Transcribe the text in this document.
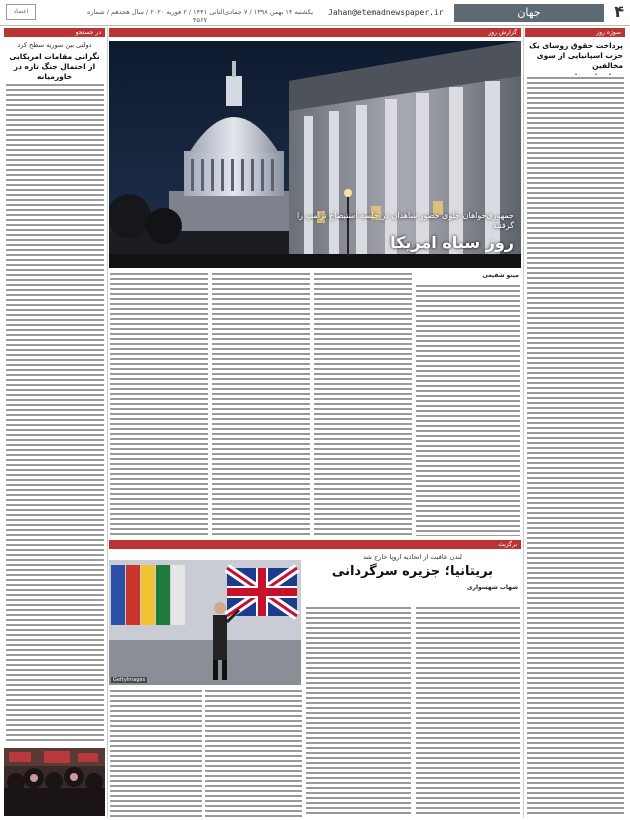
۴
جهان
Jahan@etemadnewspaper.ir
یکشنبه ۱۴ بهمن ۱۳۹۸ / ۷ جمادی‌الثانی ۱۴۴۱ / ۲ فوریه ۲۰۲۰ / سال هجدهم / شماره ۴۵۶۷
اعتماد
سوژه روز
پرداخت حقوق روسای یک حزب اسپانیایی از سوی مخالفین
گزارش روز
روز سیاه امریکا
جمهوری‌خواهان جلوی حضور شاهدان در جلسه استیضاح ترامپ را گرفتند
مینو شفیعی
برگزیت
لندن عاقبت از اتحادیه اروپا خارج شد
بریتانیا؛ جزیره سرگردانی
شهاب شهسواری
GettyImages
در جستجو
دولتی بین سوریه سطح کرد
نگرانی مقامات امریکایی از احتمال جنگ تازه در خاورمیانه
